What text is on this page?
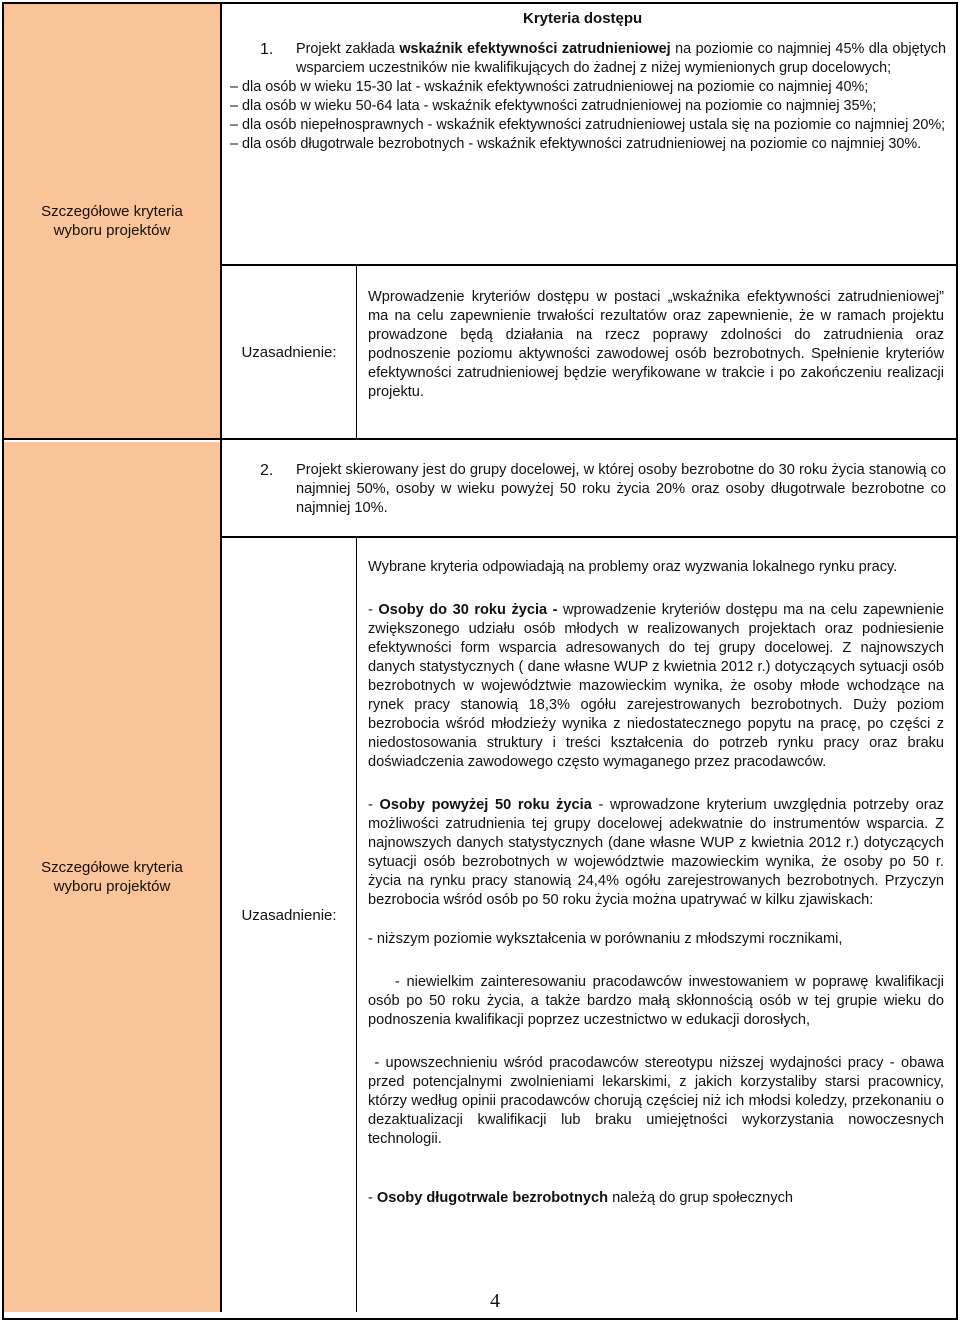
Szczegółowe kryteria wyboru projektów
Kryteria dostępu
1. Projekt zakłada wskaźnik efektywności zatrudnieniowej na poziomie co najmniej 45% dla objętych wsparciem uczestników nie kwalifikujących do żadnej z niżej wymienionych grup docelowych;
– dla osób w wieku 15-30 lat - wskaźnik efektywności zatrudnieniowej na poziomie co najmniej 40%;
– dla osób w wieku 50-64 lata - wskaźnik efektywności zatrudnieniowej na poziomie co najmniej 35%;
– dla osób niepełnosprawnych - wskaźnik efektywności zatrudnieniowej ustala się na poziomie co najmniej 20%;
– dla osób długotrwale bezrobotnych - wskaźnik efektywności zatrudnieniowej na poziomie co najmniej 30%.
Uzasadnienie:

Wprowadzenie kryteriów dostępu w postaci „wskaźnika efektywności zatrudnieniowej” ma na celu zapewnienie trwałości rezultatów oraz zapewnienie, że w ramach projektu prowadzone będą działania na rzecz poprawy zdolności do zatrudnienia oraz podnoszenie poziomu aktywności zawodowej osób bezrobotnych. Spełnienie kryteriów efektywności zatrudnieniowej będzie weryfikowane w trakcie i po zakończeniu realizacji projektu.

Szczegółowe kryteria wyboru projektów
2. Projekt skierowany jest do grupy docelowej, w której osoby bezrobotne do 30 roku życia stanowią co najmniej 50%, osoby w wieku powyżej 50 roku życia 20% oraz osoby długotrwale bezrobotne co najmniej 10%.
Uzasadnienie:

Wybrane kryteria odpowiadają na problemy oraz wyzwania lokalnego rynku pracy.

- Osoby do 30 roku życia - wprowadzenie kryteriów dostępu ma na celu zapewnienie zwiększonego udziału osób młodych w realizowanych projektach oraz podniesienie efektywności form wsparcia adresowanych do tej grupy docelowej. Z najnowszych danych statystycznych ( dane własne WUP z kwietnia 2012 r.) dotyczących sytuacji osób bezrobotnych w województwie mazowieckim wynika, że osoby młode wchodzące na rynek pracy stanowią 18,3% ogółu zarejestrowanych bezrobotnych. Duży poziom bezrobocia wśród młodzieży wynika z niedostatecznego popytu na pracę, po części z niedostosowania struktury i treści kształcenia do potrzeb rynku pracy oraz braku doświadczenia zawodowego często wymaganego przez pracodawców.

- Osoby powyżej 50 roku życia - wprowadzone kryterium uwzględnia potrzeby oraz możliwości zatrudnienia tej grupy docelowej adekwatnie do instrumentów wsparcia. Z najnowszych danych statystycznych (dane własne WUP z kwietnia 2012 r.) dotyczących sytuacji osób bezrobotnych w województwie mazowieckim wynika, że osoby po 50 r. życia na rynku pracy stanowią 24,4% ogółu zarejestrowanych bezrobotnych. Przyczyn bezrobocia wśród osób po 50 roku życia można upatrywać w kilku zjawiskach:

- niższym poziomie wykształcenia w porównaniu z młodszymi rocznikami,

- niewielkim zainteresowaniu pracodawców inwestowaniem w poprawę kwalifikacji osób po 50 roku życia, a także bardzo małą skłonnością osób w tej grupie wieku do podnoszenia kwalifikacji poprzez uczestnictwo w edukacji dorosłych,

- upowszechnieniu wśród pracodawców stereotypu niższej wydajności pracy - obawa przed potencjalnymi zwolnieniami lekarskimi, z jakich korzystaliby starsi pracownicy, którzy według opinii pracodawców chorują częściej niż ich młodsi koledzy, przekonaniu o dezaktualizacji kwalifikacji lub braku umiejętności wykorzystania nowoczesnych technologii.

- Osoby długotrwale bezrobotnych należą do grup społecznych

4
